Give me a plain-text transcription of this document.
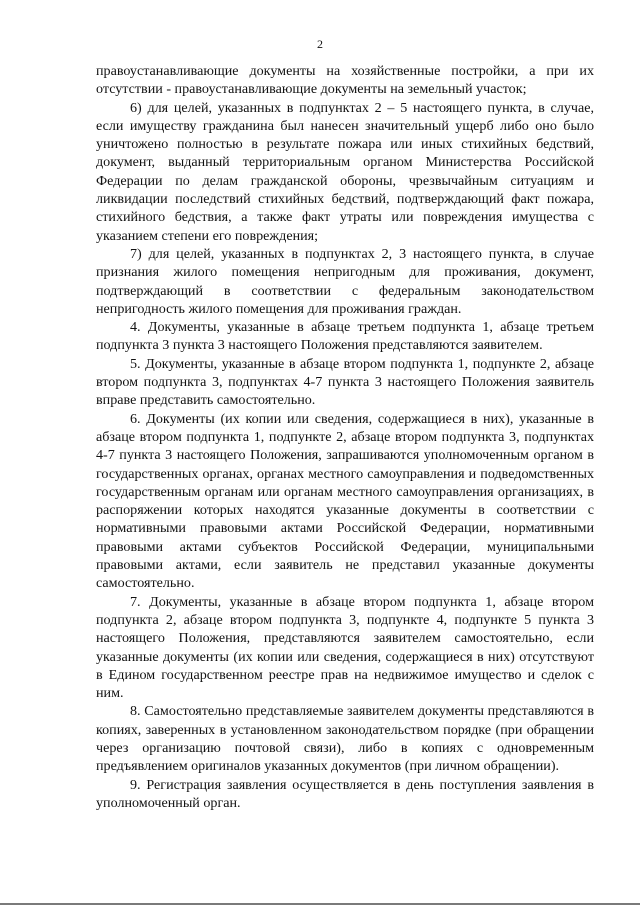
2

правоустанавливающие документы на хозяйственные постройки, а при их отсутствии - правоустанавливающие документы на земельный участок;

6) для целей, указанных в подпунктах 2 – 5 настоящего пункта, в случае, если имуществу гражданина был нанесен значительный ущерб либо оно было уничтожено полностью в результате пожара или иных стихийных бедствий, документ, выданный территориальным органом Министерства Российской Федерации по делам гражданской обороны, чрезвычайным ситуациям и ликвидации последствий стихийных бедствий, подтверждающий факт пожара, стихийного бедствия, а также факт утраты или повреждения имущества с указанием степени его повреждения;

7) для целей, указанных в подпунктах 2, 3 настоящего пункта, в случае признания жилого помещения непригодным для проживания, документ, подтверждающий в соответствии с федеральным законодательством непригодность жилого помещения для проживания граждан.

4. Документы, указанные в абзаце третьем подпункта 1, абзаце третьем подпункта 3 пункта 3 настоящего Положения представляются заявителем.

5. Документы, указанные в абзаце втором подпункта 1, подпункте 2, абзаце втором подпункта 3, подпунктах 4-7 пункта 3 настоящего Положения заявитель вправе представить самостоятельно.

6. Документы (их копии или сведения, содержащиеся в них), указанные в абзаце втором подпункта 1, подпункте 2, абзаце втором подпункта 3, подпунктах 4-7 пункта 3 настоящего Положения, запрашиваются уполномоченным органом в государственных органах, органах местного самоуправления и подведомственных государственным органам или органам местного самоуправления организациях, в распоряжении которых находятся указанные документы в соответствии с нормативными правовыми актами Российской Федерации, нормативными правовыми актами субъектов Российской Федерации, муниципальными правовыми актами, если заявитель не представил указанные документы самостоятельно.

7. Документы, указанные в абзаце втором подпункта 1, абзаце втором подпункта 2, абзаце втором подпункта 3, подпункте 4, подпункте 5 пункта 3 настоящего Положения, представляются заявителем самостоятельно, если указанные документы (их копии или сведения, содержащиеся в них) отсутствуют в Едином государственном реестре прав на недвижимое имущество и сделок с ним.

8. Самостоятельно представляемые заявителем документы представляются в копиях, заверенных в установленном законодательством порядке (при обращении через организацию почтовой связи), либо в копиях с одновременным предъявлением оригиналов указанных документов (при личном обращении).

9. Регистрация заявления осуществляется в день поступления заявления в уполномоченный орган.
